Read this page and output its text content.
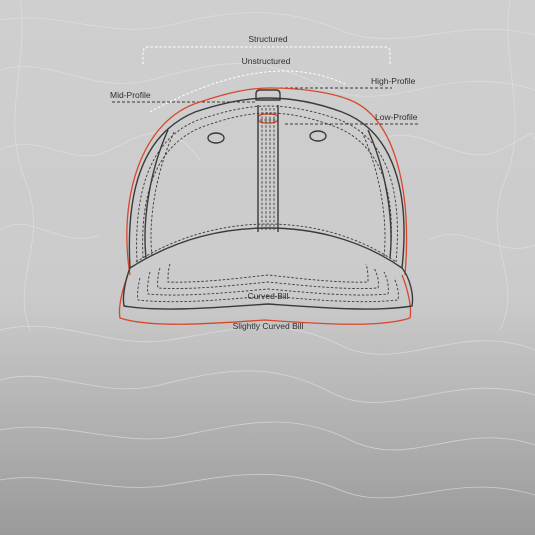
Structured
Unstructured
High-Profile
Mid-Profile
Low-Profile
Curved Bill
Slightly Curved Bill
